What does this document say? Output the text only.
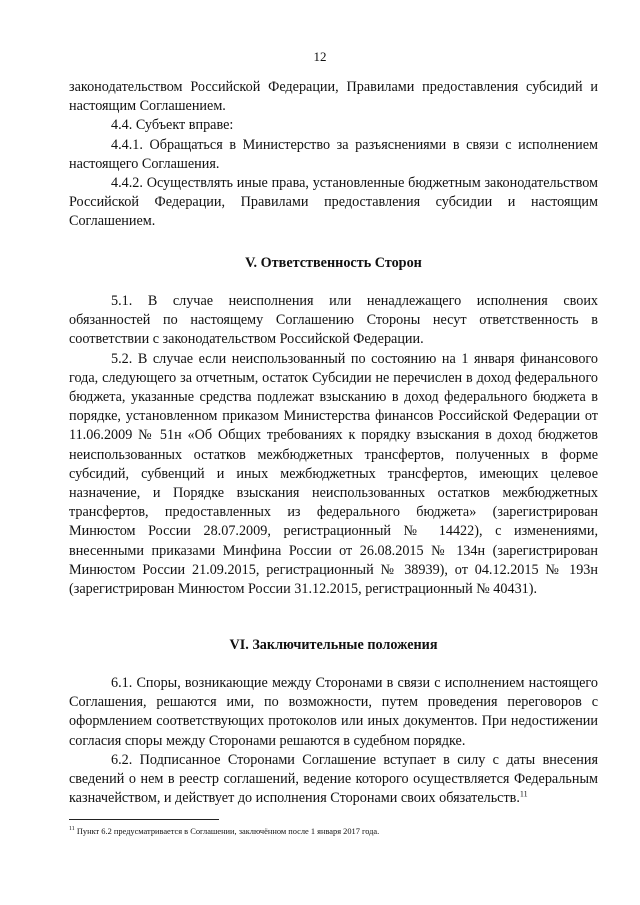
12

законодательством Российской Федерации, Правилами предоставления субсидий и настоящим Соглашением.

4.4. Субъект вправе:

4.4.1. Обращаться в Министерство за разъяснениями в связи с исполнением настоящего Соглашения.

4.4.2. Осуществлять иные права, установленные бюджетным законодательством Российской Федерации, Правилами предоставления субсидии и настоящим Соглашением.

V. Ответственность Сторон

5.1. В случае неисполнения или ненадлежащего исполнения своих обязанностей по настоящему Соглашению Стороны несут ответственность в соответствии с законодательством Российской Федерации.

5.2. В случае если неиспользованный по состоянию на 1 января финансового года, следующего за отчетным, остаток Субсидии не перечислен в доход федерального бюджета, указанные средства подлежат взысканию в доход федерального бюджета в порядке, установленном приказом Министерства финансов Российской Федерации от 11.06.2009 № 51н «Об Общих требованиях к порядку взыскания в доход бюджетов неиспользованных остатков межбюджетных трансфертов, полученных в форме субсидий, субвенций и иных межбюджетных трансфертов, имеющих целевое назначение, и Порядке взыскания неиспользованных остатков межбюджетных трансфертов, предоставленных из федерального бюджета» (зарегистрирован Минюстом России 28.07.2009, регистрационный № 14422), с изменениями, внесенными приказами Минфина России от 26.08.2015 № 134н (зарегистрирован Минюстом России 21.09.2015, регистрационный № 38939), от 04.12.2015 № 193н (зарегистрирован Минюстом России 31.12.2015, регистрационный № 40431).

VI. Заключительные положения

6.1. Споры, возникающие между Сторонами в связи с исполнением настоящего Соглашения, решаются ими, по возможности, путем проведения переговоров с оформлением соответствующих протоколов или иных документов. При недостижении согласия споры между Сторонами решаются в судебном порядке.

6.2. Подписанное Сторонами Соглашение вступает в силу с даты внесения сведений о нем в реестр соглашений, ведение которого осуществляется Федеральным казначейством, и действует до исполнения Сторонами своих обязательств.$^{11}$

$^{11}$ Пункт 6.2 предусматривается в Соглашении, заключённом после 1 января 2017 года.
